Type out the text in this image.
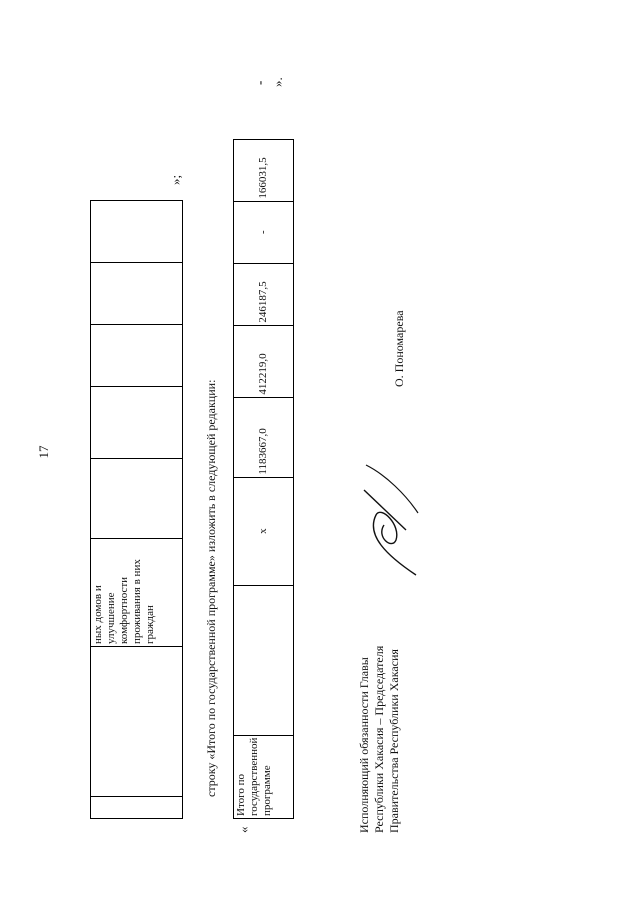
17
		ных домов и улучшение комфортности проживания в них граждан					
»;
строку «Итого по государственной программе» изложить в следующей редакции:
«
Итого по государственной программе		x	1183667,0	412219,0	246187,5	-	166031,5
- ».
Исполняющий обязанности Главы Республики Хакасия – Председателя Правительства Республики Хакасия
О. Пономарева
